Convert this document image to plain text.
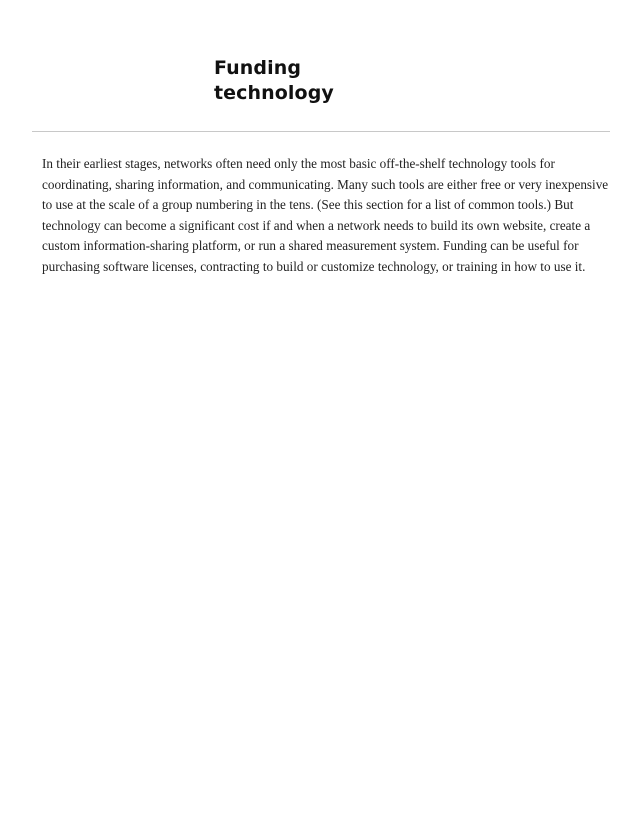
Funding
technology

In their earliest stages, networks often need only the most basic off-the-shelf technology tools for coordinating, sharing information, and communicating. Many such tools are either free or very inexpensive to use at the scale of a group numbering in the tens. (See this section for a list of common tools.) But technology can become a significant cost if and when a network needs to build its own website, create a custom information-sharing platform, or run a shared measurement system. Funding can be useful for purchasing software licenses, contracting to build or customize technology, or training in how to use it.
